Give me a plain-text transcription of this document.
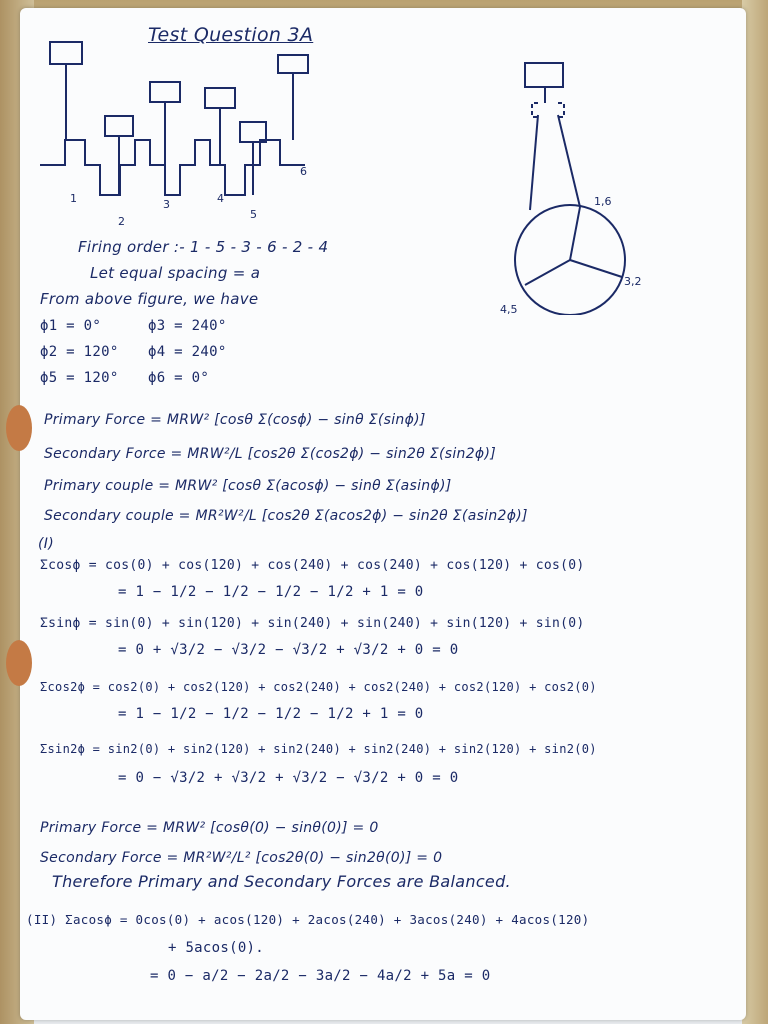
Test Question 3A
1
2
3	4
5
6
1,6
3,2
4,5
Firing order :- 1 - 5 - 3 - 6 - 2 - 4
Let equal spacing = a
From above figure, we have
ϕ1 = 0°	ϕ3 = 240°
ϕ2 = 120° ϕ4 = 240°
ϕ5 = 120° ϕ6 = 0°
Primary Force = MRW² [cosθ Σ(cosϕ) − sinθ Σ(sinϕ)]
Secondary Force = MRW²/L [cos2θ Σ(cos2ϕ) − sin2θ Σ(sin2ϕ)]
Primary couple = MRW² [cosθ Σ(acosϕ) − sinθ Σ(asinϕ)]
Secondary couple = MR²W²/L [cos2θ Σ(acos2ϕ) − sin2θ Σ(asin2ϕ)]
(I)
Σcosϕ = cos(0) + cos(120) + cos(240) + cos(240) + cos(120) + cos(0)
= 1 − 1/2 − 1/2 − 1/2 − 1/2 + 1 = 0
Σsinϕ = sin(0) + sin(120) + sin(240) + sin(240) + sin(120) + sin(0)
= 0 + √3/2 − √3/2 − √3/2 + √3/2 + 0 = 0
Σcos2ϕ = cos2(0) + cos2(120) + cos2(240) + cos2(240) + cos2(120) + cos2(0)
= 1 − 1/2 − 1/2 − 1/2 − 1/2 + 1 = 0
Σsin2ϕ = sin2(0) + sin2(120) + sin2(240) + sin2(240) + sin2(120) + sin2(0)
= 0 − √3/2 + √3/2 + √3/2 − √3/2 + 0 = 0
Primary Force = MRW² [cosθ(0) − sinθ(0)] = 0
Secondary Force = MR²W²/L² [cos2θ(0) − sin2θ(0)] = 0
Therefore Primary and Secondary Forces are Balanced.
(II) Σacosϕ = 0cos(0) + acos(120) + 2acos(240) + 3acos(240) + 4acos(120)
+ 5acos(0).
= 0 − a/2 − 2a/2 − 3a/2 − 4a/2 + 5a = 0
